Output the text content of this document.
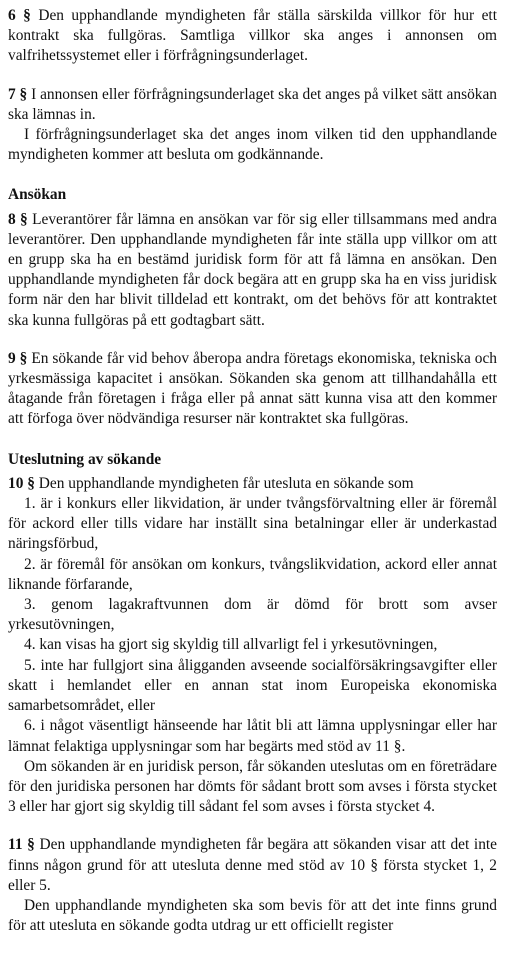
6 § Den upphandlande myndigheten får ställa särskilda villkor för hur ett kontrakt ska fullgöras. Samtliga villkor ska anges i annonsen om valfrihetssystemet eller i förfrågningsunderlaget.

7 § I annonsen eller förfrågningsunderlaget ska det anges på vilket sätt ansökan ska lämnas in.

I förfrågningsunderlaget ska det anges inom vilken tid den upphandlande myndigheten kommer att besluta om godkännande.

Ansökan

8 § Leverantörer får lämna en ansökan var för sig eller tillsammans med andra leverantörer. Den upphandlande myndigheten får inte ställa upp villkor om att en grupp ska ha en bestämd juridisk form för att få lämna en ansökan. Den upphandlande myndigheten får dock begära att en grupp ska ha en viss juridisk form när den har blivit tilldelad ett kontrakt, om det behövs för att kontraktet ska kunna fullgöras på ett godtagbart sätt.

9 § En sökande får vid behov åberopa andra företags ekonomiska, tekniska och yrkesmässiga kapacitet i ansökan. Sökanden ska genom att tillhandahålla ett åtagande från företagen i fråga eller på annat sätt kunna visa att den kommer att förfoga över nödvändiga resurser när kontraktet ska fullgöras.

Uteslutning av sökande

10 § Den upphandlande myndigheten får utesluta en sökande som

1. är i konkurs eller likvidation, är under tvångsförvaltning eller är föremål för ackord eller tills vidare har inställt sina betalningar eller är underkastad näringsförbud,

2. är föremål för ansökan om konkurs, tvångslikvidation, ackord eller annat liknande förfarande,

3. genom lagakraftvunnen dom är dömd för brott som avser yrkesutövningen,

4. kan visas ha gjort sig skyldig till allvarligt fel i yrkesutövningen,

5. inte har fullgjort sina åligganden avseende socialförsäkringsavgifter eller skatt i hemlandet eller en annan stat inom Europeiska ekonomiska samarbetsområdet, eller

6. i något väsentligt hänseende har låtit bli att lämna upplysningar eller har lämnat felaktiga upplysningar som har begärts med stöd av 11 §.

Om sökanden är en juridisk person, får sökanden uteslutas om en företrädare för den juridiska personen har dömts för sådant brott som avses i första stycket 3 eller har gjort sig skyldig till sådant fel som avses i första stycket 4.

11 § Den upphandlande myndigheten får begära att sökanden visar att det inte finns någon grund för att utesluta denne med stöd av 10 § första stycket 1, 2 eller 5.

Den upphandlande myndigheten ska som bevis för att det inte finns grund för att utesluta en sökande godta utdrag ur ett officiellt register
